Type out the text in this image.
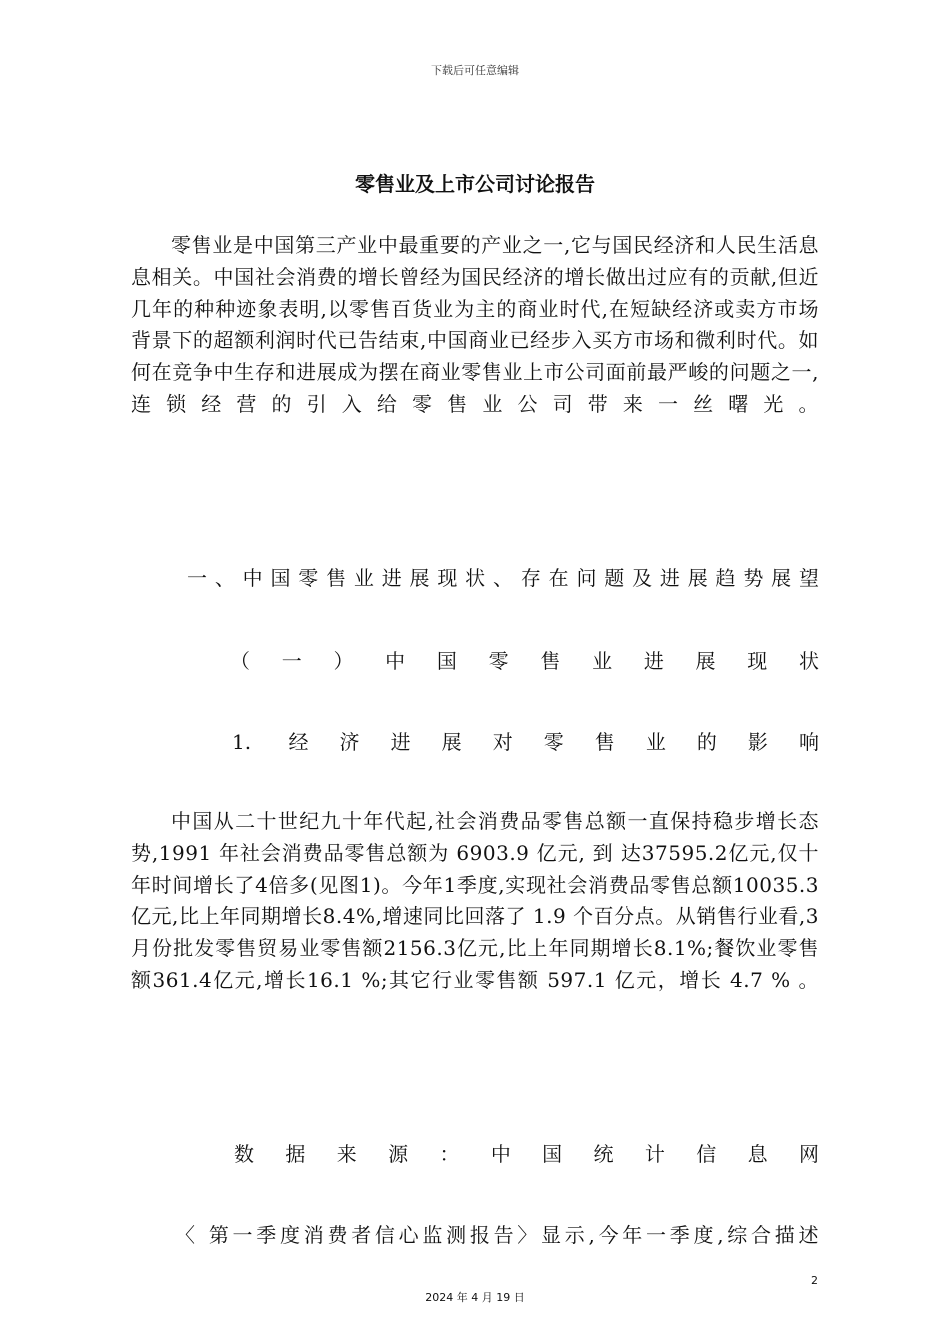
下载后可任意编辑
零售业及上市公司讨论报告

零售业是中国第三产业中最重要的产业之一,它与国民经济和人民生活息息相关。中国社会消费的增长曾经为国民经济的增长做出过应有的贡献,但近几年的种种迹象表明,以零售百货业为主的商业时代,在短缺经济或卖方市场背景下的超额利润时代已告结束,中国商业已经步入买方市场和微利时代。如何在竞争中生存和进展成为摆在商业零售业上市公司面前最严峻的问题之一,连锁经营的引入给零售业公司带来一丝曙光。

一、中国零售业进展现状、存在问题及进展趋势展望
（一）中国零售业进展现状
1. 经济进展对零售业的影响

中国从二十世纪九十年代起,社会消费品零售总额一直保持稳步增长态势,1991 年社会消费品零售总额为 6903.9 亿元, 到 达37595.2亿元,仅十年时间增长了4倍多(见图1)。今年1季度,实现社会消费品零售总额10035.3亿元,比上年同期增长8.4%,增速同比回落了 1.9 个百分点。从销售行业看,3 月份批发零售贸易业零售额2156.3亿元,比上年同期增长8.1%;餐饮业零售额361.4亿元,增长16.1 %;其它行业零售额 597.1 亿元，增长 4.7 % 。

数据来源：中国统计信息网

〈 第一季度消费者信心监测报告〉显示,今年一季度,综合描述

2
2024 年 4 月 19 日
